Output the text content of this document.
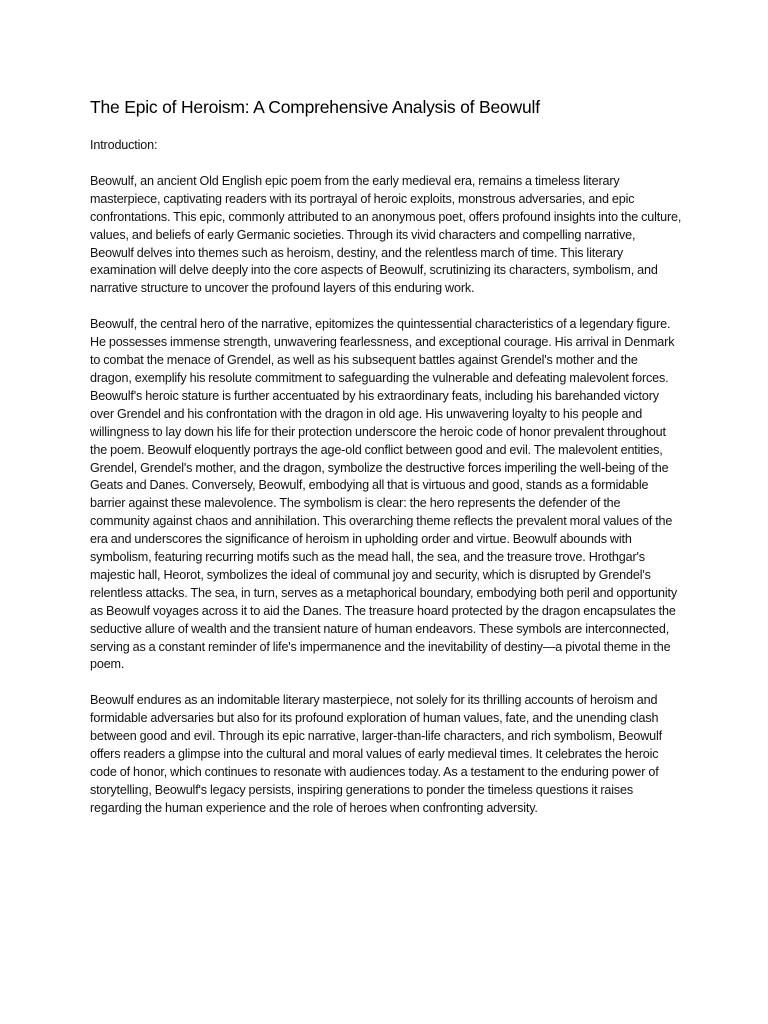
The Epic of Heroism: A Comprehensive Analysis of Beowulf

Introduction:

Beowulf, an ancient Old English epic poem from the early medieval era, remains a timeless literary masterpiece, captivating readers with its portrayal of heroic exploits, monstrous adversaries, and epic confrontations. This epic, commonly attributed to an anonymous poet, offers profound insights into the culture, values, and beliefs of early Germanic societies. Through its vivid characters and compelling narrative, Beowulf delves into themes such as heroism, destiny, and the relentless march of time. This literary examination will delve deeply into the core aspects of Beowulf, scrutinizing its characters, symbolism, and narrative structure to uncover the profound layers of this enduring work.

Beowulf, the central hero of the narrative, epitomizes the quintessential characteristics of a legendary figure. He possesses immense strength, unwavering fearlessness, and exceptional courage. His arrival in Denmark to combat the menace of Grendel, as well as his subsequent battles against Grendel's mother and the dragon, exemplify his resolute commitment to safeguarding the vulnerable and defeating malevolent forces. Beowulf's heroic stature is further accentuated by his extraordinary feats, including his barehanded victory over Grendel and his confrontation with the dragon in old age. His unwavering loyalty to his people and willingness to lay down his life for their protection underscore the heroic code of honor prevalent throughout the poem. Beowulf eloquently portrays the age-old conflict between good and evil. The malevolent entities, Grendel, Grendel's mother, and the dragon, symbolize the destructive forces imperiling the well-being of the Geats and Danes. Conversely, Beowulf, embodying all that is virtuous and good, stands as a formidable barrier against these malevolence. The symbolism is clear: the hero represents the defender of the community against chaos and annihilation. This overarching theme reflects the prevalent moral values of the era and underscores the significance of heroism in upholding order and virtue. Beowulf abounds with symbolism, featuring recurring motifs such as the mead hall, the sea, and the treasure trove. Hrothgar's majestic hall, Heorot, symbolizes the ideal of communal joy and security, which is disrupted by Grendel's relentless attacks. The sea, in turn, serves as a metaphorical boundary, embodying both peril and opportunity as Beowulf voyages across it to aid the Danes. The treasure hoard protected by the dragon encapsulates the seductive allure of wealth and the transient nature of human endeavors. These symbols are interconnected, serving as a constant reminder of life's impermanence and the inevitability of destiny—a pivotal theme in the poem.

Beowulf endures as an indomitable literary masterpiece, not solely for its thrilling accounts of heroism and formidable adversaries but also for its profound exploration of human values, fate, and the unending clash between good and evil. Through its epic narrative, larger-than-life characters, and rich symbolism, Beowulf offers readers a glimpse into the cultural and moral values of early medieval times. It celebrates the heroic code of honor, which continues to resonate with audiences today. As a testament to the enduring power of storytelling, Beowulf's legacy persists, inspiring generations to ponder the timeless questions it raises regarding the human experience and the role of heroes when confronting adversity.
